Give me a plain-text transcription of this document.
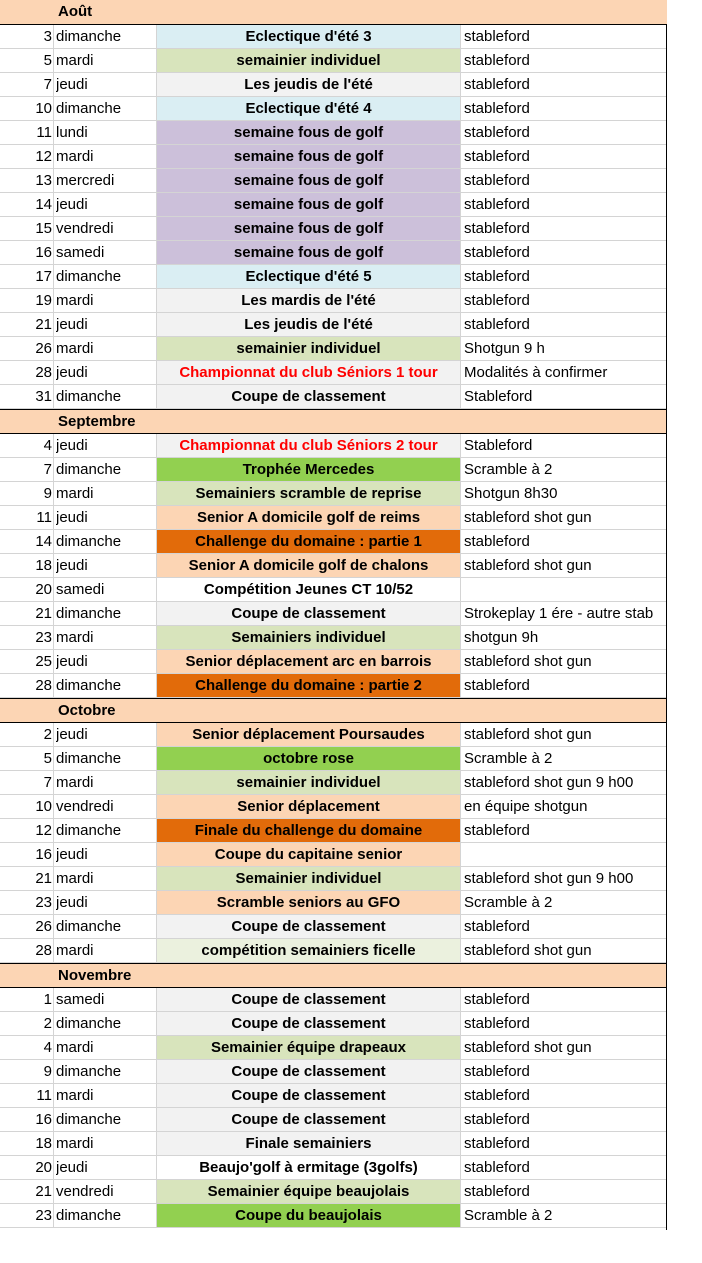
Août
3 dimanche	Eclectique d'été 3	stableford
5 mardi	semainier individuel	stableford
7 jeudi	Les jeudis de l'été	stableford
10 dimanche	Eclectique d'été 4	stableford
11 lundi	semaine fous de golf	stableford
12 mardi	semaine fous de golf	stableford
13 mercredi	semaine fous de golf	stableford
14 jeudi	semaine fous de golf	stableford
15 vendredi	semaine fous de golf	stableford
16 samedi	semaine fous de golf	stableford
17 dimanche	Eclectique d'été 5	stableford
19 mardi	Les mardis de l'été	stableford
21 jeudi	Les jeudis de l'été	stableford
26 mardi	semainier individuel	Shotgun 9 h
28 jeudi	Championnat du club Séniors 1 tour	Modalités à confirmer
31 dimanche	Coupe de classement	Stableford
Septembre
4 jeudi	Championnat du club Séniors 2 tour	Stableford
7 dimanche	Trophée Mercedes	Scramble à 2
9 mardi	Semainiers scramble de reprise	Shotgun 8h30
11 jeudi	Senior A domicile golf de reims	stableford shot gun
14 dimanche	Challenge du domaine : partie 1	stableford
18 jeudi	Senior A domicile golf de chalons	stableford shot gun
20 samedi	Compétition Jeunes CT 10/52
21 dimanche	Coupe de classement	Strokeplay 1 ére - autre stab
23 mardi	Semainiers individuel	shotgun 9h
25 jeudi	Senior déplacement arc en barrois	stableford shot gun
28 dimanche	Challenge du domaine : partie 2	stableford
Octobre
2 jeudi	Senior déplacement Poursaudes	stableford shot gun
5 dimanche	octobre rose	Scramble à 2
7 mardi	semainier individuel	stableford shot gun 9 h00
10 vendredi	Senior déplacement	en équipe shotgun
12 dimanche	Finale du challenge du domaine	stableford
16 jeudi	Coupe du capitaine senior
21 mardi	Semainier individuel	stableford shot gun 9 h00
23 jeudi	Scramble seniors au GFO	Scramble à 2
26 dimanche	Coupe de classement	stableford
28 mardi	compétition semainiers ficelle	stableford shot gun
Novembre
1 samedi	Coupe de classement	stableford
2 dimanche	Coupe de classement	stableford
4 mardi	Semainier équipe drapeaux	stableford shot gun
9 dimanche	Coupe de classement	stableford
11 mardi	Coupe de classement	stableford
16 dimanche	Coupe de classement	stableford
18 mardi	Finale semainiers	stableford
20 jeudi	Beaujo'golf à ermitage (3golfs)	stableford
21 vendredi	Semainier équipe beaujolais	stableford
23 dimanche	Coupe du beaujolais	Scramble à 2
